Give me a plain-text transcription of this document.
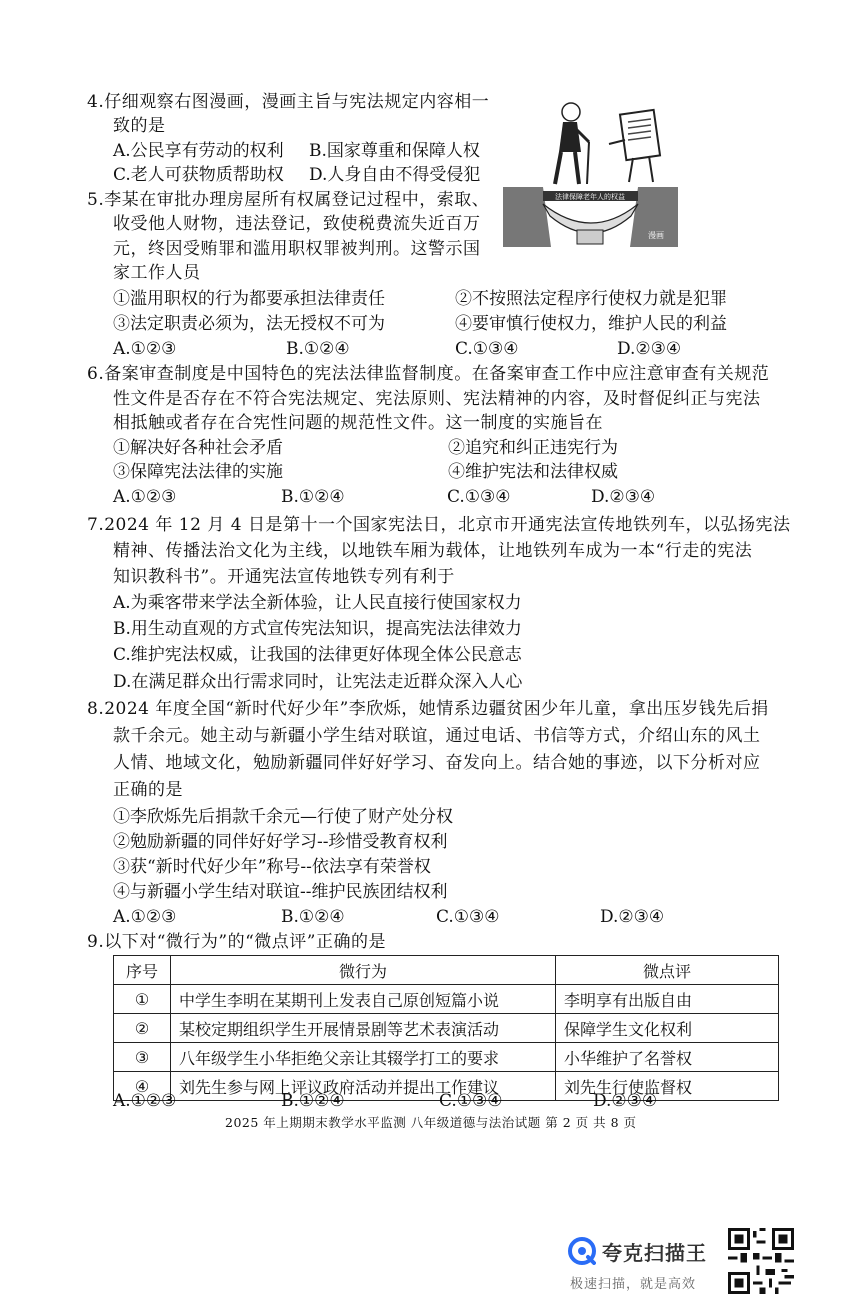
4.仔细观察右图漫画，漫画主旨与宪法规定内容相一
致的是
A.公民享有劳动的权利 B.国家尊重和保障人权
C.老人可获物质帮助权 D.人身自由不得受侵犯
法律保障老年人的权益
漫画
5.李某在审批办理房屋所有权属登记过程中，索取、
收受他人财物，违法登记，致使税费流失近百万
元，终因受贿罪和滥用职权罪被判刑。这警示国
家工作人员
①滥用职权的行为都要承担法律责任	②不按照法定程序行使权力就是犯罪
③法定职责必须为，法无授权不可为	④要审慎行使权力，维护人民的利益
A.①②③	B.①②④	C.①③④	D.②③④
6.备案审查制度是中国特色的宪法法律监督制度。在备案审查工作中应注意审查有关规范
性文件是否存在不符合宪法规定、宪法原则、宪法精神的内容，及时督促纠正与宪法
相抵触或者存在合宪性问题的规范性文件。这一制度的实施旨在
①解决好各种社会矛盾	②追究和纠正违宪行为
③保障宪法法律的实施	④维护宪法和法律权威
A.①②③	B.①②④	C.①③④	D.②③④
7.2024 年 12 月 4 日是第十一个国家宪法日，北京市开通宪法宣传地铁列车，以弘扬宪法
精神、传播法治文化为主线，以地铁车厢为载体，让地铁列车成为一本“行走的宪法
知识教科书”。开通宪法宣传地铁专列有利于
A.为乘客带来学法全新体验，让人民直接行使国家权力
B.用生动直观的方式宣传宪法知识，提高宪法法律效力
C.维护宪法权威，让我国的法律更好体现全体公民意志
D.在满足群众出行需求同时，让宪法走近群众深入人心
8.2024 年度全国“新时代好少年”李欣烁，她情系边疆贫困少年儿童，拿出压岁钱先后捐
款千余元。她主动与新疆小学生结对联谊，通过电话、书信等方式，介绍山东的风土
人情、地域文化，勉励新疆同伴好好学习、奋发向上。结合她的事迹，以下分析对应
正确的是
①李欣烁先后捐款千余元—行使了财产处分权
②勉励新疆的同伴好好学习--珍惜受教育权利
③获“新时代好少年”称号--依法享有荣誉权
④与新疆小学生结对联谊--维护民族团结权利
A.①②③	B.①②④	C.①③④	D.②③④
9.以下对“微行为”的“微点评”正确的是
序号	微行为	微点评
①	中学生李明在某期刊上发表自己原创短篇小说	李明享有出版自由
②	某校定期组织学生开展情景剧等艺术表演活动	保障学生文化权利
③	八年级学生小华拒绝父亲让其辍学打工的要求	小华维护了名誉权
④	刘先生参与网上评议政府活动并提出工作建议	刘先生行使监督权
A.①②③	B.①②④	C.①③④	D.②③④
2025 年上期期末教学水平监测 八年级道德与法治试题 第 2 页 共 8 页
夸克扫描王
极速扫描，就是高效
